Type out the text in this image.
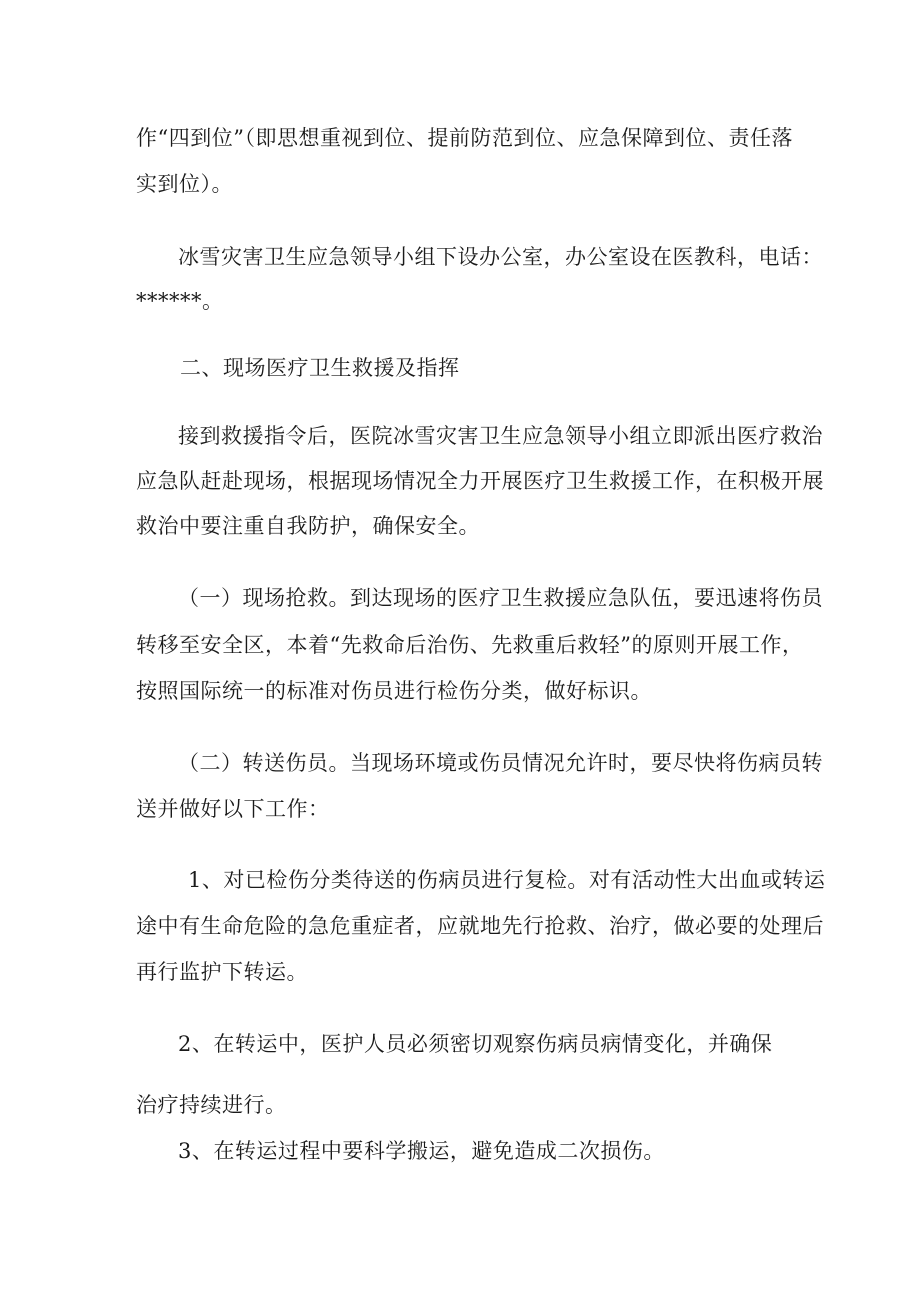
作“四到位”（即思想重视到位、提前防范到位、应急保障到位、责任落
实到位）。
冰雪灾害卫生应急领导小组下设办公室，办公室设在医教科，电话：
******。
二、现场医疗卫生救援及指挥
接到救援指令后，医院冰雪灾害卫生应急领导小组立即派出医疗救治
应急队赶赴现场，根据现场情况全力开展医疗卫生救援工作，在积极开展
救治中要注重自我防护，确保安全。
（一）现场抢救。到达现场的医疗卫生救援应急队伍，要迅速将伤员
转移至安全区，本着“先救命后治伤、先救重后救轻”的原则开展工作，
按照国际统一的标准对伤员进行检伤分类，做好标识。
（二）转送伤员。当现场环境或伤员情况允许时，要尽快将伤病员转
送并做好以下工作：
1、对已检伤分类待送的伤病员进行复检。对有活动性大出血或转运
途中有生命危险的急危重症者，应就地先行抢救、治疗，做必要的处理后
再行监护下转运。
2、在转运中，医护人员必须密切观察伤病员病情变化，并确保
治疗持续进行。
3、在转运过程中要科学搬运，避免造成二次损伤。
